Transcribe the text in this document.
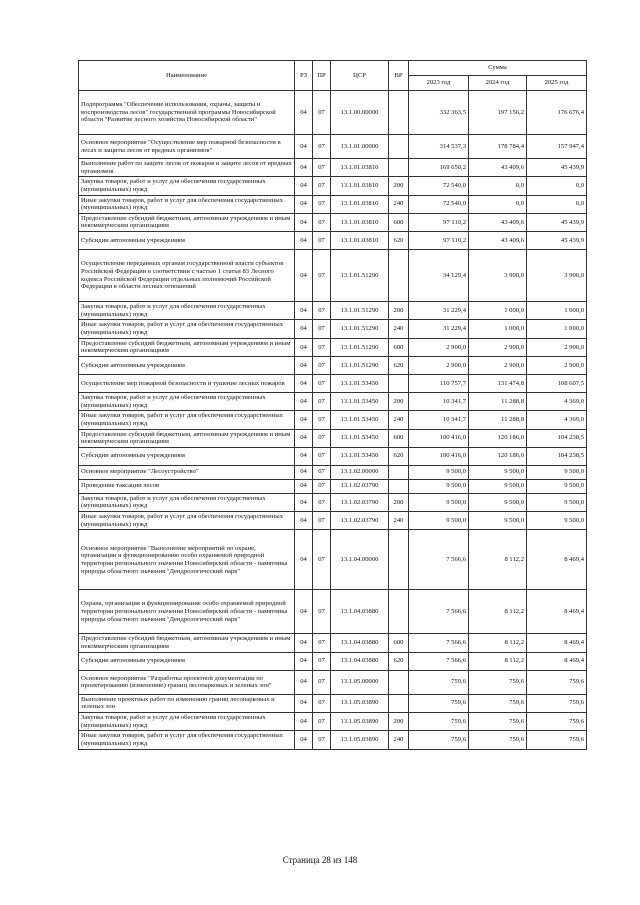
Наименование	РЗ	ПР	ЦСР	ВР	Сумма		
					2023 год	2024 год	2025 год
Подпрограмма "Обеспечение использования, охраны, защиты и воспроизводства лесов" государственной программы Новосибирской области "Развитие лесного хозяйства Новосибирской области"	04	07	13.1.00.00000		332 363,5	197 156,2	176 676,4
Основное мероприятие "Осуществление мер пожарной безопасности в лесах и защиты лесов от вредных организмов"	04	07	13.1.01.00000		314 537,3	178 784,4	157 947,4
Выполнение работ по защите лесов от пожаров и защите лесов от вредных организмов	04	07	13.1.01.03810		169 650,2	43 409,6	45 439,9
Закупка товаров, работ и услуг для обеспечения государственных (муниципальных) нужд	04	07	13.1.01.03810	200	72 540,0	0,0	0,0
Иные закупки товаров, работ и услуг для обеспечения государственных (муниципальных) нужд	04	07	13.1.01.03810	240	72 540,0	0,0	0,0
Предоставление субсидий бюджетным, автономным учреждениям и иным некоммерческим организациям	04	07	13.1.01.03810	600	97 110,2	43 409,6	45 439,9
Субсидии автономным учреждениям	04	07	13.1.01.03810	620	97 110,2	43 409,6	45 439,9
Осуществление переданных органам государственной власти субъектов Российской Федерации в соответствии с частью 1 статьи 83 Лесного кодекса Российской Федерации отдельных полномочий Российской Федерации в области лесных отношений	04	07	13.1.01.51290		34 129,4	3 900,0	3 900,0
Закупка товаров, работ и услуг для обеспечения государственных (муниципальных) нужд	04	07	13.1.01.51290	200	31 229,4	1 000,0	1 000,0
Иные закупки товаров, работ и услуг для обеспечения государственных (муниципальных) нужд	04	07	13.1.01.51290	240	31 229,4	1 000,0	1 000,0
Предоставление субсидий бюджетным, автономным учреждениям и иным некоммерческим организациям	04	07	13.1.01.51290	600	2 900,0	2 900,0	2 900,0
Субсидии автономным учреждениям	04	07	13.1.01.51290	620	2 900,0	2 900,0	2 900,0
Осуществление мер пожарной безопасности и тушение лесных пожаров	04	07	13.1.01.53450		110 757,7	131 474,8	108 607,5
Закупка товаров, работ и услуг для обеспечения государственных (муниципальных) нужд	04	07	13.1.01.53450	200	10 341,7	11 288,8	4 369,0
Иные закупки товаров, работ и услуг для обеспечения государственных (муниципальных) нужд	04	07	13.1.01.53450	240	10 341,7	11 288,8	4 369,0
Предоставление субсидий бюджетным, автономным учреждениям и иным некоммерческим организациям	04	07	13.1.01.53450	600	100 416,0	120 186,0	104 238,5
Субсидии автономным учреждениям	04	07	13.1.01.53450	620	100 416,0	120 186,0	104 238,5
Основное мероприятие "Лесоустройство"	04	07	13.1.02.00000		9 500,0	9 500,0	9 500,0
Проведение таксации лесов	04	07	13.1.02.03790		9 500,0	9 500,0	9 500,0
Закупка товаров, работ и услуг для обеспечения государственных (муниципальных) нужд	04	07	13.1.02.03790	200	9 500,0	9 500,0	9 500,0
Иные закупки товаров, работ и услуг для обеспечения государственных (муниципальных) нужд	04	07	13.1.02.03790	240	9 500,0	9 500,0	9 500,0
Основное мероприятие "Выполнение мероприятий по охране, организации и функционированию особо охраняемой природной территории регионального значения Новосибирской области - памятника природы областного значения "Дендрологический парк"	04	07	13.1.04.00000		7 566,6	8 112,2	8 469,4
Охрана, организация и функционирование особо охраняемой природной территории регионального значения Новосибирской области - памятника природы областного значения "Дендрологический парк"	04	07	13.1.04.03880		7 566,6	8 112,2	8 469,4
Предоставление субсидий бюджетным, автономным учреждениям и иным некоммерческим организациям	04	07	13.1.04.03880	600	7 566,6	8 112,2	8 469,4
Субсидии автономным учреждениям	04	07	13.1.04.03880	620	7 566,6	8 112,2	8 469,4
Основное мероприятие "Разработка проектной документации по проектированию (изменению) границ лесопарковых и зеленых зон"	04	07	13.1.05.00000		759,6	759,6	759,6
Выполнение проектных работ по изменению границ лесопарковых и зеленых зон	04	07	13.1.05.03890		759,6	759,6	759,6
Закупка товаров, работ и услуг для обеспечения государственных (муниципальных) нужд	04	07	13.1.05.03890	200	759,6	759,6	759,6
Иные закупки товаров, работ и услуг для обеспечения государственных (муниципальных) нужд	04	07	13.1.05.03890	240	759,6	759,6	759,6
Страница 28 из 148
